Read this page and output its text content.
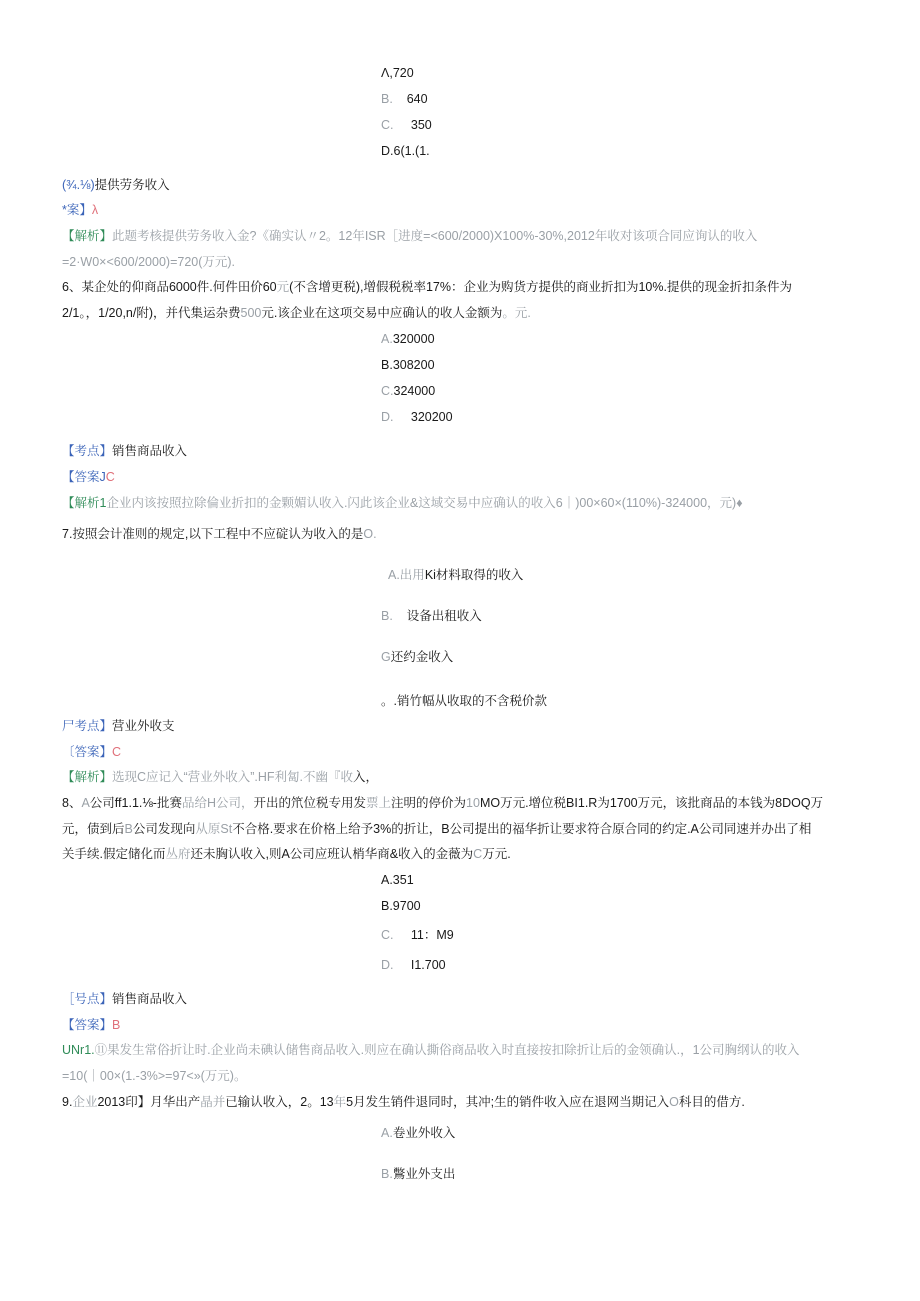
Λ,720
B. 640
C. 350
D.6(1.(1.
(¾.⅛)提供劳务收入
*案】λ
【解析】此题考核提供劳务收入金?《确实认〃2。12年ISR［进度=<600/2000)X100%-30%,2012年收对该项合同应询认的收入
=2·W0×<600/2000)=720(万元).
6、某企处的仰商品6000件.何件田价60元(不含增更税),增假税税率17%：企业为购货方提供的商业折扣为10%.提供的现金折扣条件为
2/1。，1/20,n/附)，并代集运杂费500元.该企业在这项交易中应确认的收人金额为。元.
A.320000
B.308200
C.324000
D. 320200
【考点】销售商品收入
【答案JC
【解析1企业内该按照拉除倫业折扣的金颗媚认收入.闪此该企业&这域交易中应确认的收入6｜)00×60×(110%)-324000，元)♦
7.按照会计准则的规定,以下工程中不应碇认为收入的是O.
A.出用Ki材料取得的收入
B. 设备出租收入
G还约金收入
。.销竹幅从收取的不含税价款
尸考点】营业外收支
〔答案】C
【解析】选现C应记入“营业外收入”.HF利匐.不幽『收入，
8、A公司ff1.1.⅛-批赛品给H公司，开出的笊位税专用发票上注明的停价为10MO万元.增位税BI1.R为1700万元，该批商品的本钱为8DOQ万
元，债到后B公司发现向从原St不合格.要求在价格上给予3%的折让，B公司提出的福华折让要求符合原合同的约定.A公司同速并办出了相
关手续.假定储化而丛府还未胸认收入,则A公司应班认梢华商&收入的金薇为C万元.
A.351
B.9700
C. 11：M9
D. I1.700
［号点】销售商品收入
【答案】B
UNr1.⑪果发生常俗折让时.企业尚未碘认储售商品收入.则应在确认撕俗商品收入时直接按扣除折让后的金领确认.，1公司胸纲认的收入
=10(｜00×(1.-3%>=97<»(万元)。
9.企业2013印】月华出产晶并已输认收入，2。13年5月发生销件退同时，其冲;生的销件收入应在退网当期记入O科目的借方.
A.卷业外收入
B.鷩业外支出
